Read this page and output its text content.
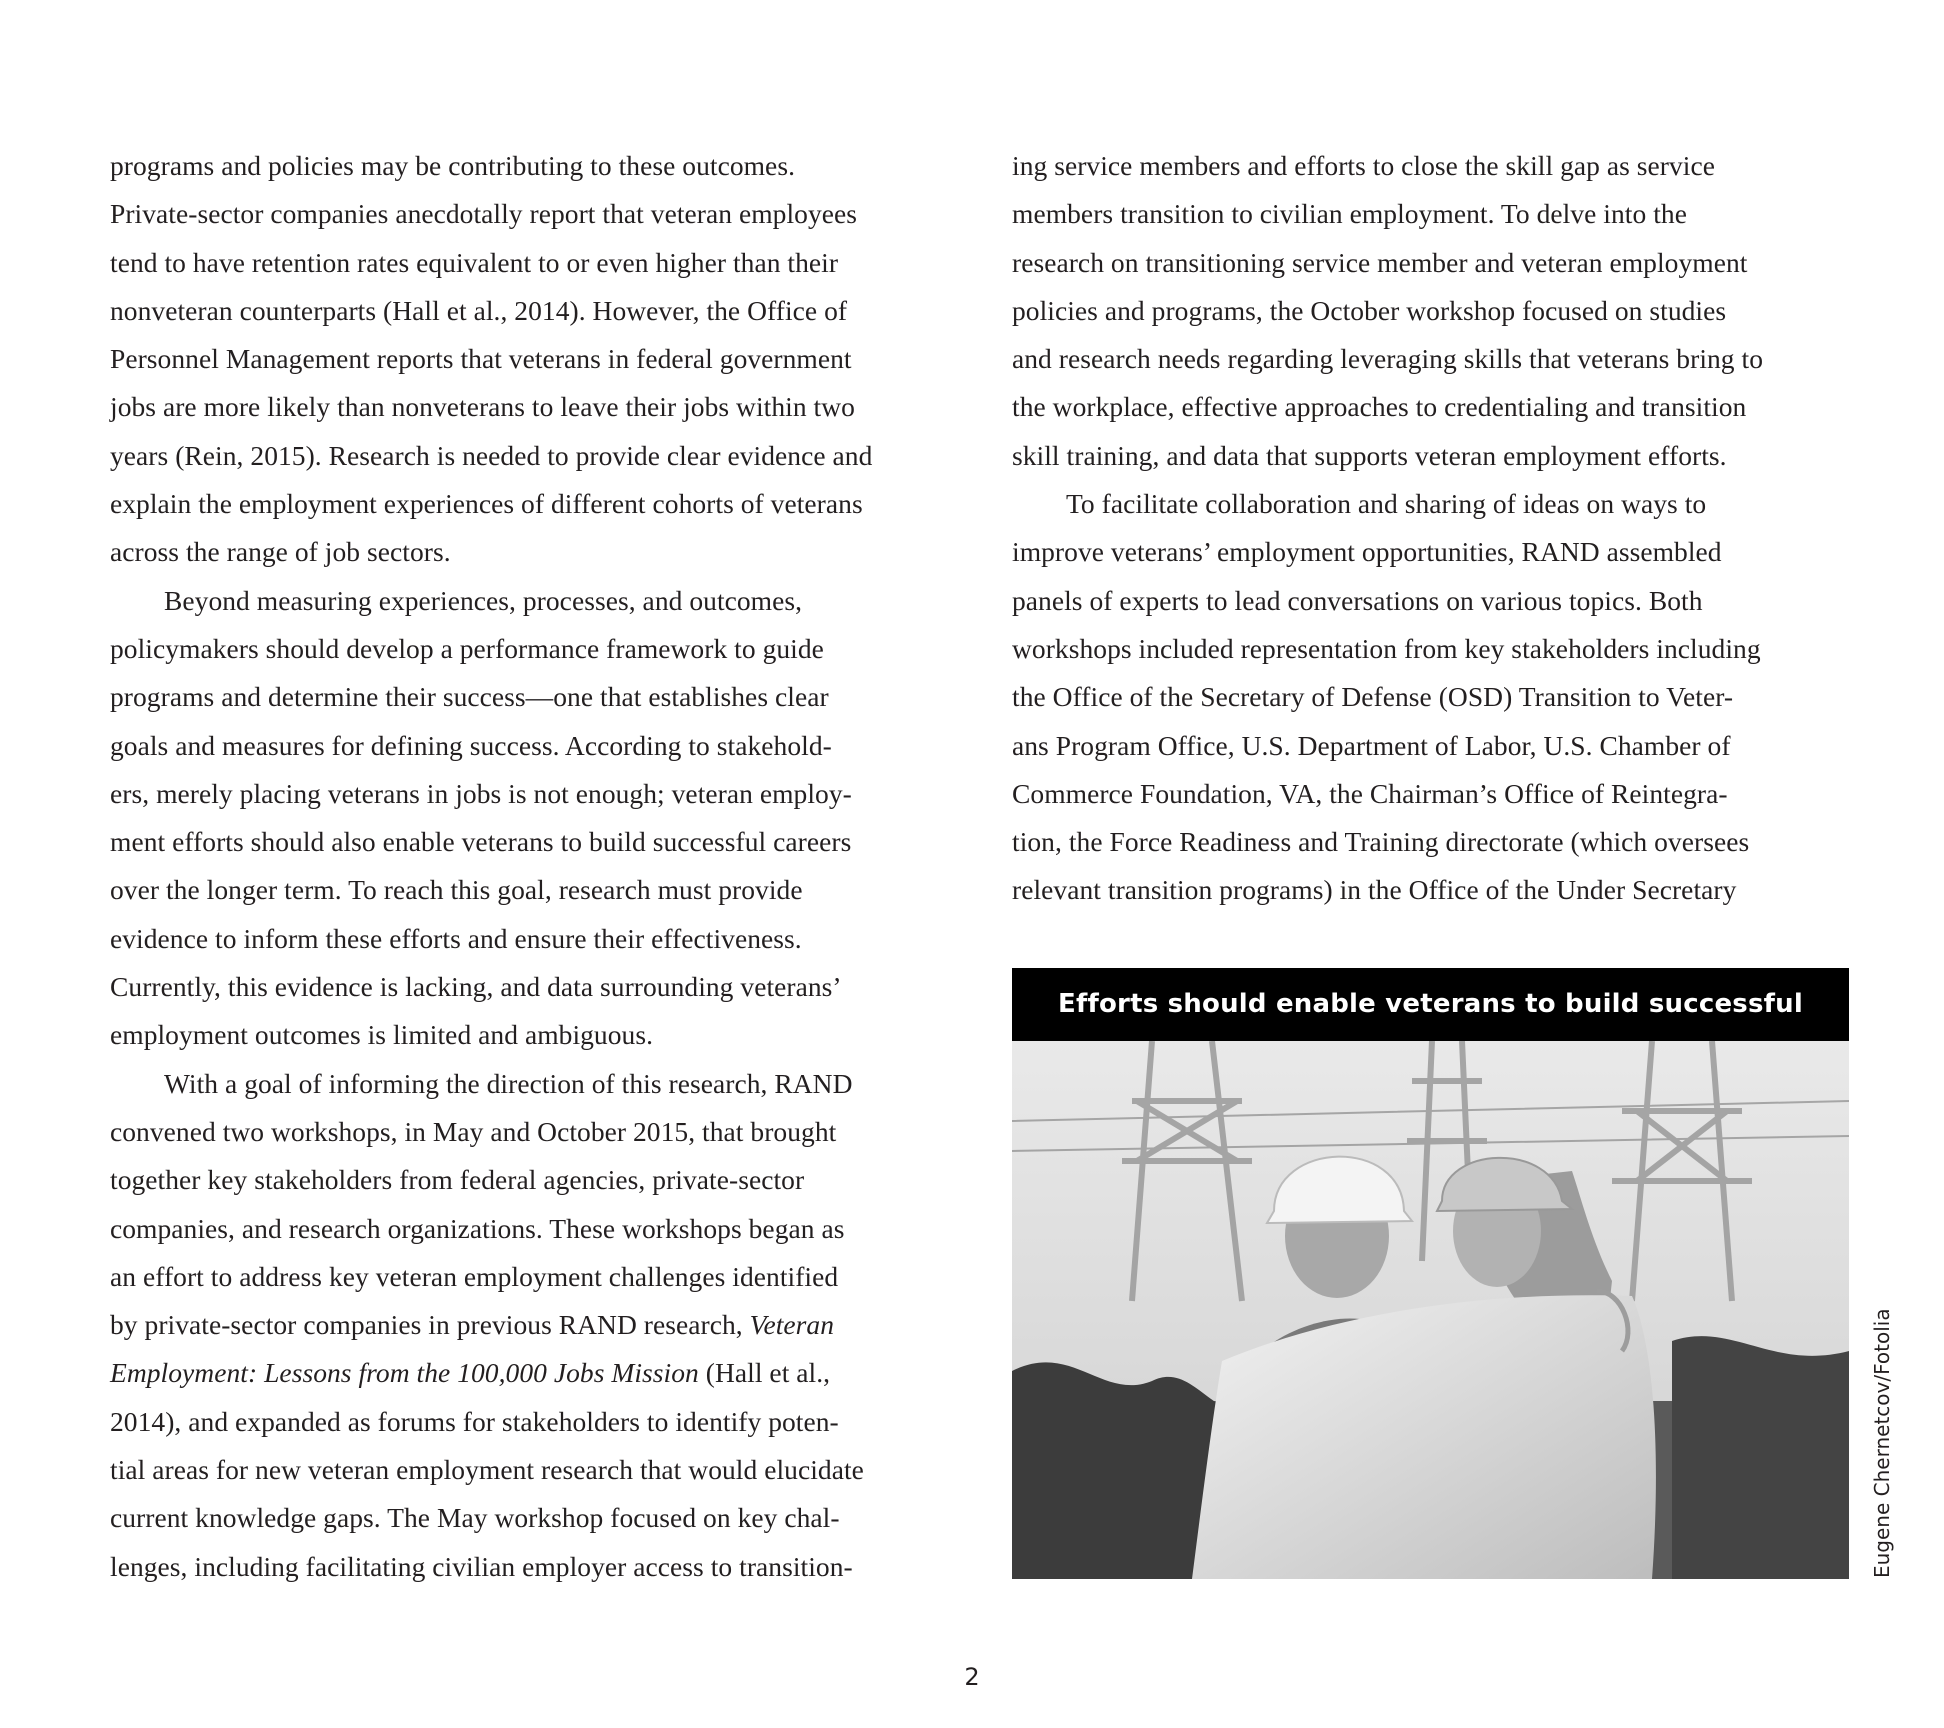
programs and policies may be contributing to these outcomes.
Private-sector companies anecdotally report that veteran employees
tend to have retention rates equivalent to or even higher than their
nonveteran counterparts (Hall et al., 2014). However, the Office of
Personnel Management reports that veterans in federal government
jobs are more likely than nonveterans to leave their jobs within two
years (Rein, 2015). Research is needed to provide clear evidence and
explain the employment experiences of different cohorts of veterans
across the range of job sectors.
Beyond measuring experiences, processes, and outcomes,
policymakers should develop a performance framework to guide
programs and determine their success—one that establishes clear
goals and measures for defining success. According to stakehold-
ers, merely placing veterans in jobs is not enough; veteran employ-
ment efforts should also enable veterans to build successful careers
over the longer term. To reach this goal, research must provide
evidence to inform these efforts and ensure their effectiveness.
Currently, this evidence is lacking, and data surrounding veterans’
employment outcomes is limited and ambiguous.
With a goal of informing the direction of this research, RAND
convened two workshops, in May and October 2015, that brought
together key stakeholders from federal agencies, private-sector
companies, and research organizations. These workshops began as
an effort to address key veteran employment challenges identified
by private-sector companies in previous RAND research, Veteran
Employment: Lessons from the 100,000 Jobs Mission (Hall et al.,
2014), and expanded as forums for stakeholders to identify poten-
tial areas for new veteran employment research that would elucidate
current knowledge gaps. The May workshop focused on key chal-
lenges, including facilitating civilian employer access to transition-
ing service members and efforts to close the skill gap as service
members transition to civilian employment. To delve into the
research on transitioning service member and veteran employment
policies and programs, the October workshop focused on studies
and research needs regarding leveraging skills that veterans bring to
the workplace, effective approaches to credentialing and transition
skill training, and data that supports veteran employment efforts.
To facilitate collaboration and sharing of ideas on ways to
improve veterans’ employment opportunities, RAND assembled
panels of experts to lead conversations on various topics. Both
workshops included representation from key stakeholders including
the Office of the Secretary of Defense (OSD) Transition to Veter-
ans Program Office, U.S. Department of Labor, U.S. Chamber of
Commerce Foundation, VA, the Chairman’s Office of Reintegra-
tion, the Force Readiness and Training directorate (which oversees
relevant transition programs) in the Office of the Under Secretary
Efforts should enable veterans to build successful
Eugene Chernetcov/Fotolia
2
